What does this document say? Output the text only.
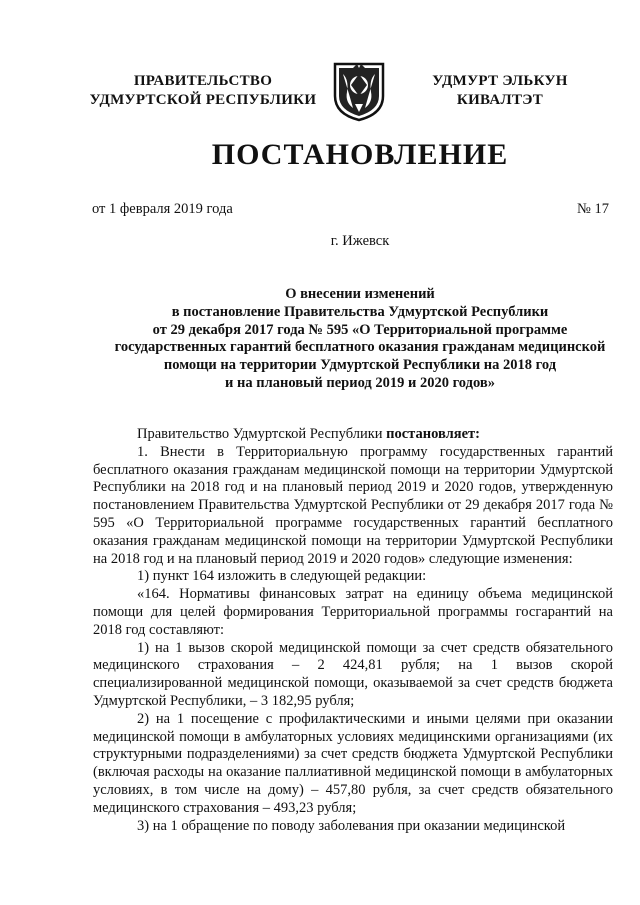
ПРАВИТЕЛЬСТВО
УДМУРТСКОЙ РЕСПУБЛИКИ
УДМУРТ ЭЛЬКУН
КИВАЛТЭТ
ПОСТАНОВЛЕНИЕ
от 1 февраля 2019 года	№ 17
г. Ижевск
О внесении изменений
в постановление Правительства Удмуртской Республики
от 29 декабря 2017 года № 595 «О Территориальной программе
государственных гарантий бесплатного оказания гражданам медицинской
помощи на территории Удмуртской Республики на 2018 год
и на плановый период 2019 и 2020 годов»

Правительство Удмуртской Республики постановляет:

1. Внести в Территориальную программу государственных гарантий бесплатного оказания гражданам медицинской помощи на территории Удмуртской Республики на 2018 год и на плановый период 2019 и 2020 годов, утвержденную постановлением Правительства Удмуртской Республики от 29 декабря 2017 года № 595 «О Территориальной программе государственных гарантий бесплатного оказания гражданам медицинской помощи на территории Удмуртской Республики на 2018 год и на плановый период 2019 и 2020 годов» следующие изменения:

1) пункт 164 изложить в следующей редакции:

«164. Нормативы финансовых затрат на единицу объема медицинской помощи для целей формирования Территориальной программы госгарантий на 2018 год составляют:

1) на 1 вызов скорой медицинской помощи за счет средств обязательного медицинского страхования – 2 424,81 рубля; на 1 вызов скорой специализированной медицинской помощи, оказываемой за счет средств бюджета Удмуртской Республики, – 3 182,95 рубля;

2) на 1 посещение с профилактическими и иными целями при оказании медицинской помощи в амбулаторных условиях медицинскими организациями (их структурными подразделениями) за счет средств бюджета Удмуртской Республики (включая расходы на оказание паллиативной медицинской помощи в амбулаторных условиях, в том числе на дому) – 457,80 рубля, за счет средств обязательного медицинского страхования – 493,23 рубля;

3) на 1 обращение по поводу заболевания при оказании медицинской
